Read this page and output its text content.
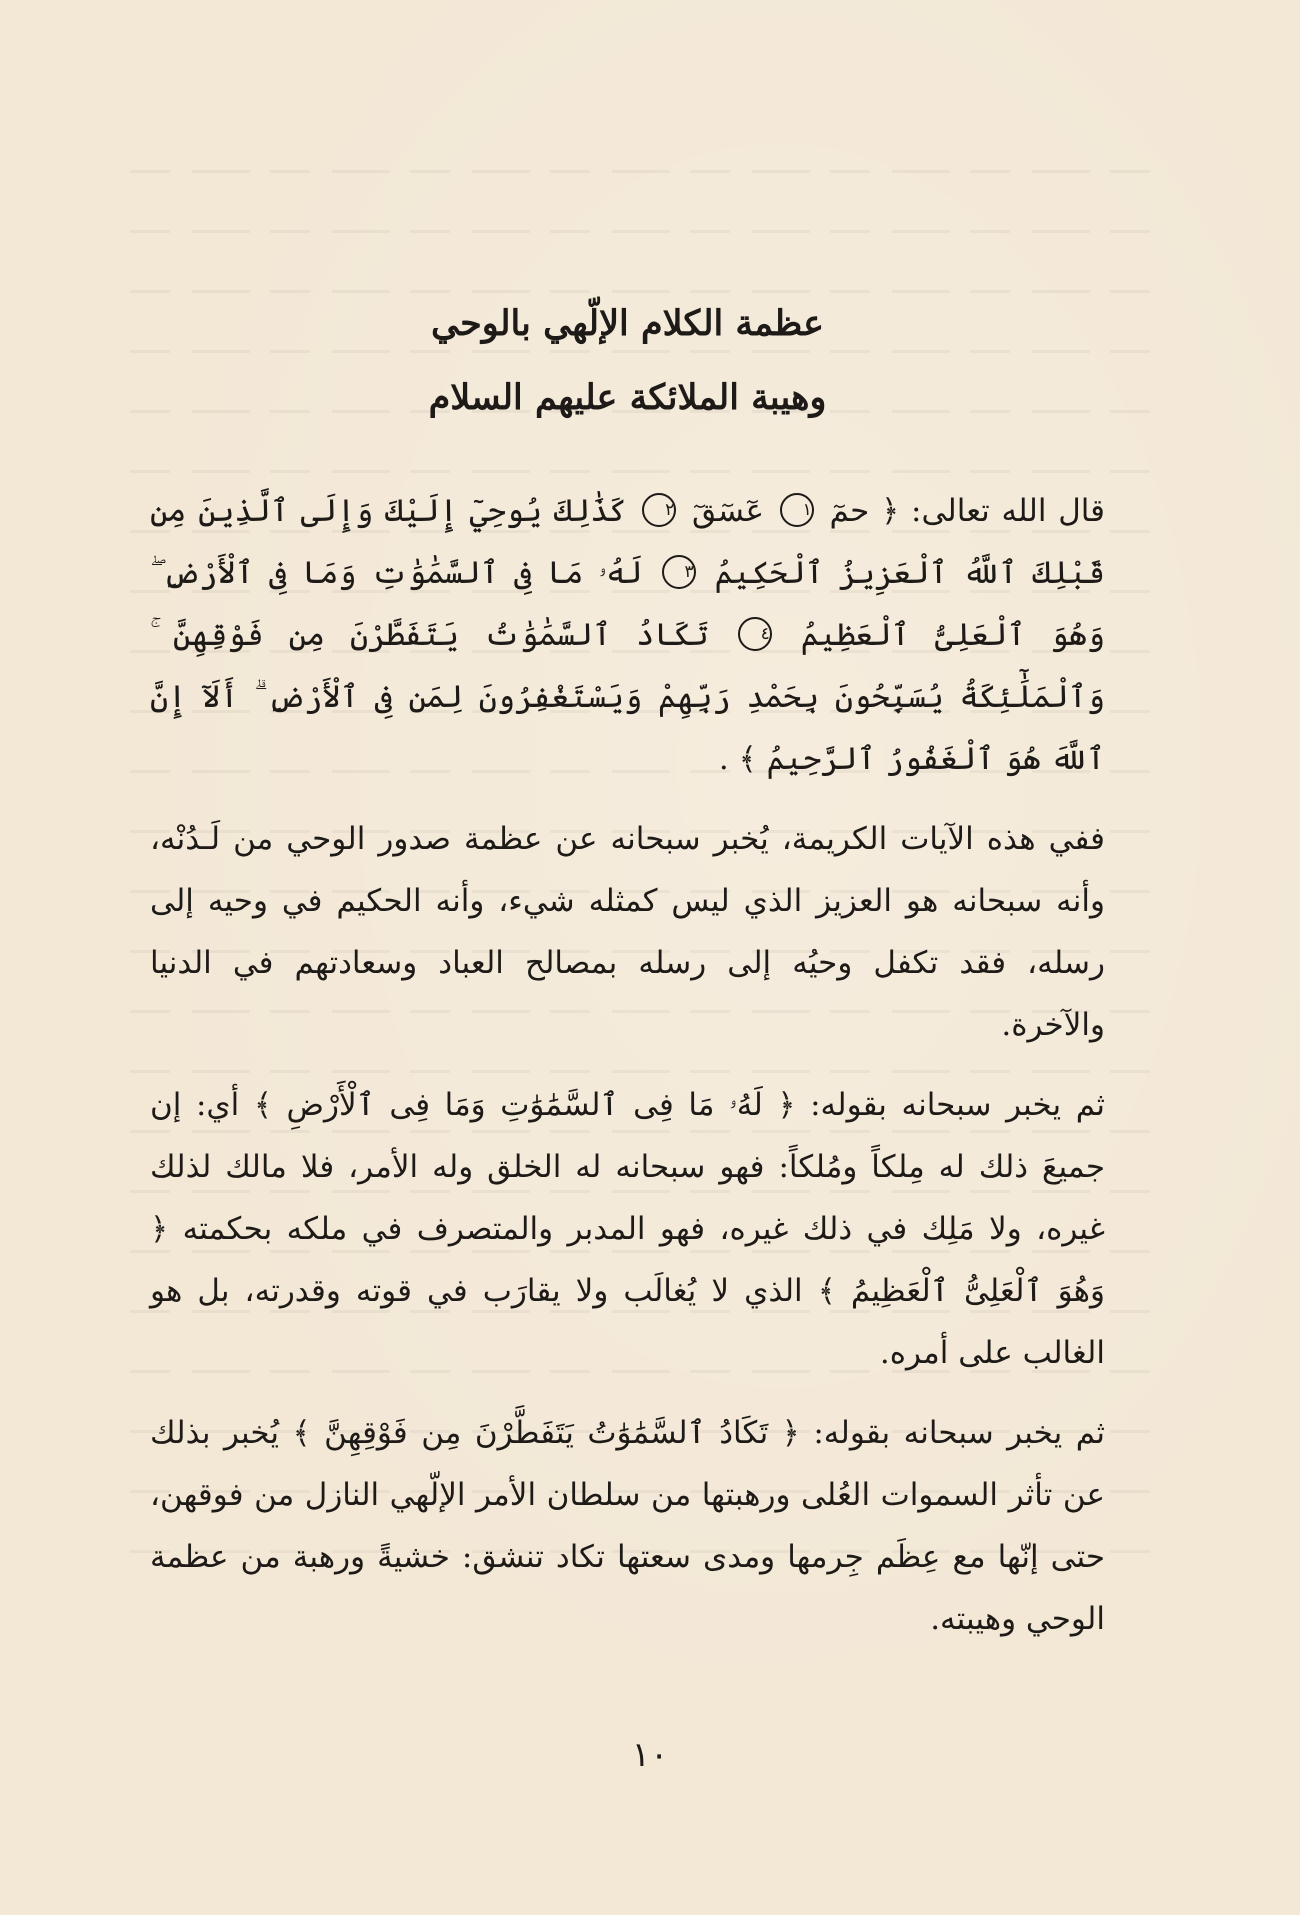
عظمة الكلام الإلّهي بالوحي
وهيبة الملائكة عليهم السلام

قال الله تعالى: ﴿ حمٓ ١ عٓسٓقٓ ٢ كَذَٰلِكَ يُوحِيٓ إِلَيْكَ وَإِلَى ٱلَّذِينَ مِن قَبْلِكَ ٱللَّهُ ٱلْعَزِيزُ ٱلْحَكِيمُ ٣ لَهُۥ مَا فِى ٱلسَّمَٰوَٰتِ وَمَا فِى ٱلْأَرْضِ ۖ وَهُوَ ٱلْعَلِىُّ ٱلْعَظِيمُ ٤ تَكَادُ ٱلسَّمَٰوَٰتُ يَتَفَطَّرْنَ مِن فَوْقِهِنَّ ۚ وَٱلْمَلَٰٓئِكَةُ يُسَبِّحُونَ بِحَمْدِ رَبِّهِمْ وَيَسْتَغْفِرُونَ لِمَن فِى ٱلْأَرْضِ ۗ أَلَآ إِنَّ ٱللَّهَ هُوَ ٱلْغَفُورُ ٱلرَّحِيمُ ﴾ .

ففي هذه الآيات الكريمة، يُخبر سبحانه عن عظمة صدور الوحي من لَـدُنْه، وأنه سبحانه هو العزيز الذي ليس كمثله شيء، وأنه الحكيم في وحيه إلى رسله، فقد تكفل وحيُه إلى رسله بمصالح العباد وسعادتهم في الدنيا والآخرة.

ثم يخبر سبحانه بقوله: ﴿ لَهُۥ مَا فِى ٱلسَّمَٰوَٰتِ وَمَا فِى ٱلْأَرْضِ ﴾ أي: إن جميعَ ذلك له مِلكاً ومُلكاً: فهو سبحانه له الخلق وله الأمر، فلا مالك لذلك غيره، ولا مَلِك في ذلك غيره، فهو المدبر والمتصرف في ملكه بحكمته ﴿ وَهُوَ ٱلْعَلِىُّ ٱلْعَظِيمُ ﴾ الذي لا يُغالَب ولا يقارَب في قوته وقدرته، بل هو الغالب على أمره.

ثم يخبر سبحانه بقوله: ﴿ تَكَادُ ٱلسَّمَٰوَٰتُ يَتَفَطَّرْنَ مِن فَوْقِهِنَّ ﴾ يُخبر بذلك عن تأثر السموات العُلى ورهبتها من سلطان الأمر الإلّهي النازل من فوقهن، حتى إنّها مع عِظَم جِرمها ومدى سعتها تكاد تنشق: خشيةً ورهبة من عظمة الوحي وهيبته.

١٠
